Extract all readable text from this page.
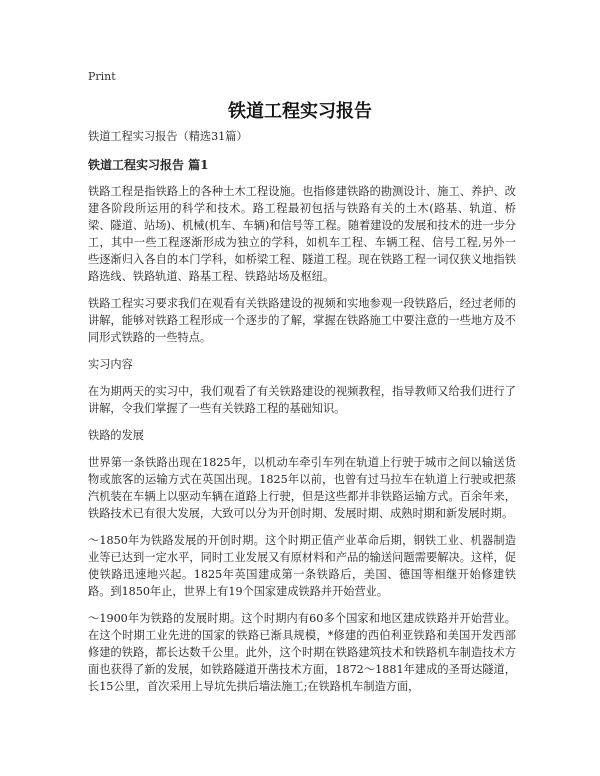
Print
铁道工程实习报告

铁道工程实习报告（精选31篇）

铁道工程实习报告 篇1

铁路工程是指铁路上的各种土木工程设施。也指修建铁路的勘测设计、施工、养护、改建各阶段所运用的科学和技术。路工程最初包括与铁路有关的土木(路基、轨道、桥梁、隧道、站场)、机械(机车、车辆)和信号等工程。随着建设的发展和技术的进一步分工，其中一些工程逐渐形成为独立的学科，如机车工程、车辆工程、信号工程,另外一些逐渐归入各自的本门学科，如桥梁工程、隧道工程。现在铁路工程一词仅狭义地指铁路选线、铁路轨道、路基工程、铁路站场及枢纽。

铁路工程实习要求我们在观看有关铁路建设的视频和实地参观一段铁路后，经过老师的讲解，能够对铁路工程形成一个逐步的了解，掌握在铁路施工中要注意的一些地方及不同形式铁路的一些特点。

实习内容

在为期两天的实习中，我们观看了有关铁路建设的视频教程，指导教师又给我们进行了讲解，令我们掌握了一些有关铁路工程的基础知识。

铁路的发展

世界第一条铁路出现在1825年，以机动车牵引车列在轨道上行驶于城市之间以输送货物或旅客的运输方式在英国出现。1825年以前，也曾有过马拉车在轨道上行驶或把蒸汽机装在车辆上以驱动车辆在道路上行驶，但是这些都并非铁路运输方式。百余年来，铁路技术已有很大发展，大致可以分为开创时期、发展时期、成熟时期和新发展时期。

～1850年为铁路发展的开创时期。这个时期正值产业革命后期，钢铁工业、机器制造业等已达到一定水平，同时工业发展又有原材料和产品的输送问题需要解决。这样，促使铁路迅速地兴起。1825年英国建成第一条铁路后，美国、德国等相继开始修建铁路。到1850年止，世界上有19个国家建成铁路并开始营业。

～1900年为铁路的发展时期。这个时期内有60多个国家和地区建成铁路并开始营业。在这个时期工业先进的国家的铁路已渐具规模，*修建的西伯利亚铁路和美国开发西部修建的铁路，都长达数千公里。此外，这个时期在铁路建筑技术和铁路机车制造技术方面也获得了新的发展，如铁路隧道开凿技术方面，1872～1881年建成的圣哥达隧道，长15公里，首次采用上导坑先拱后墙法施工;在铁路机车制造方面，
